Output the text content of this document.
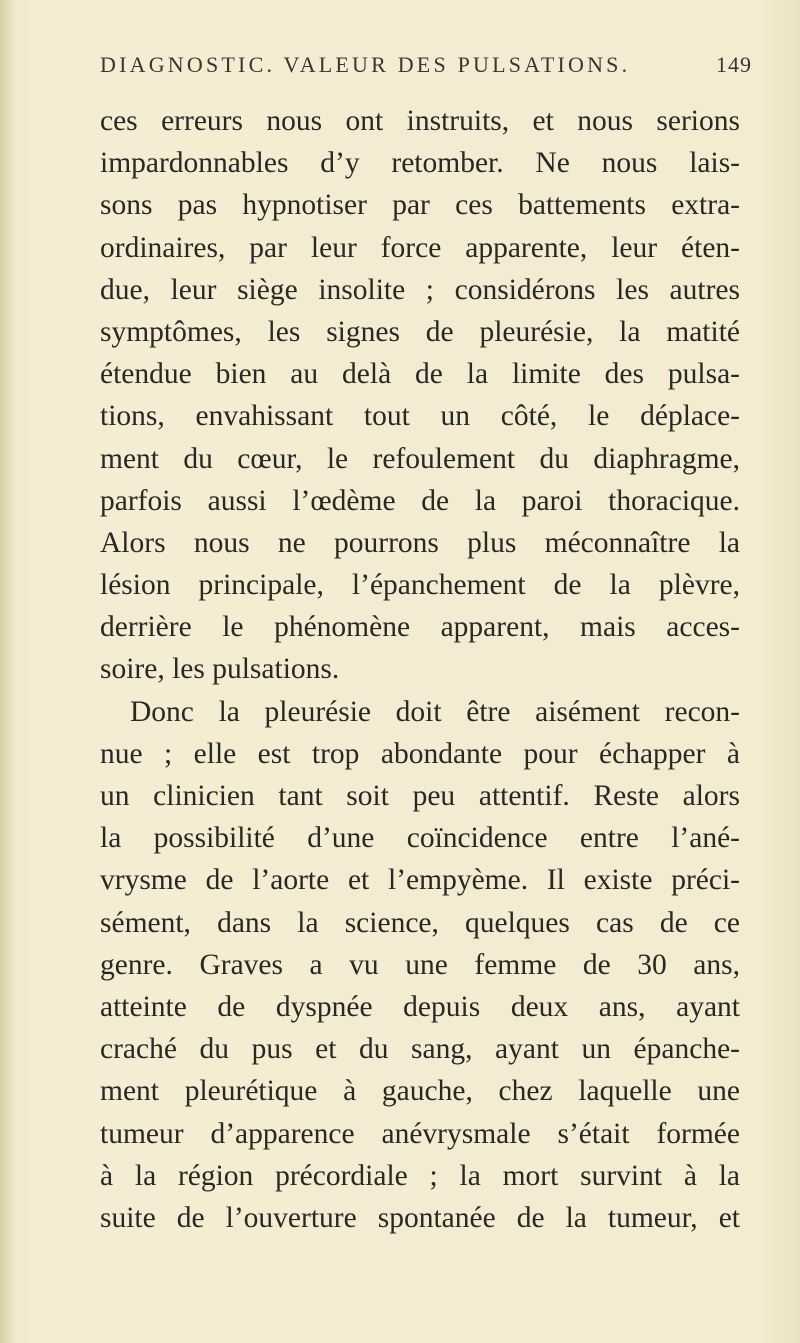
DIAGNOSTIC. VALEUR DES PULSATIONS.	149
ces erreurs nous ont instruits, et nous serions
impardonnables d’y retomber. Ne nous lais-
sons pas hypnotiser par ces battements extra-
ordinaires, par leur force apparente, leur éten-
due, leur siège insolite ; considérons les autres
symptômes, les signes de pleurésie, la matité
étendue bien au delà de la limite des pulsa-
tions, envahissant tout un côté, le déplace-
ment du cœur, le refoulement du diaphragme,
parfois aussi l’œdème de la paroi thoracique.
Alors nous ne pourrons plus méconnaître la
lésion principale, l’épanchement de la plèvre,
derrière le phénomène apparent, mais acces-
soire, les pulsations.
Donc la pleurésie doit être aisément recon-
nue ; elle est trop abondante pour échapper à
un clinicien tant soit peu attentif. Reste alors
la possibilité d’une coïncidence entre l’ané-
vrysme de l’aorte et l’empyème. Il existe préci-
sément, dans la science, quelques cas de ce
genre. Graves a vu une femme de 30 ans,
atteinte de dyspnée depuis deux ans, ayant
craché du pus et du sang, ayant un épanche-
ment pleurétique à gauche, chez laquelle une
tumeur d’apparence anévrysmale s’était formée
à la région précordiale ; la mort survint à la
suite de l’ouverture spontanée de la tumeur, et
